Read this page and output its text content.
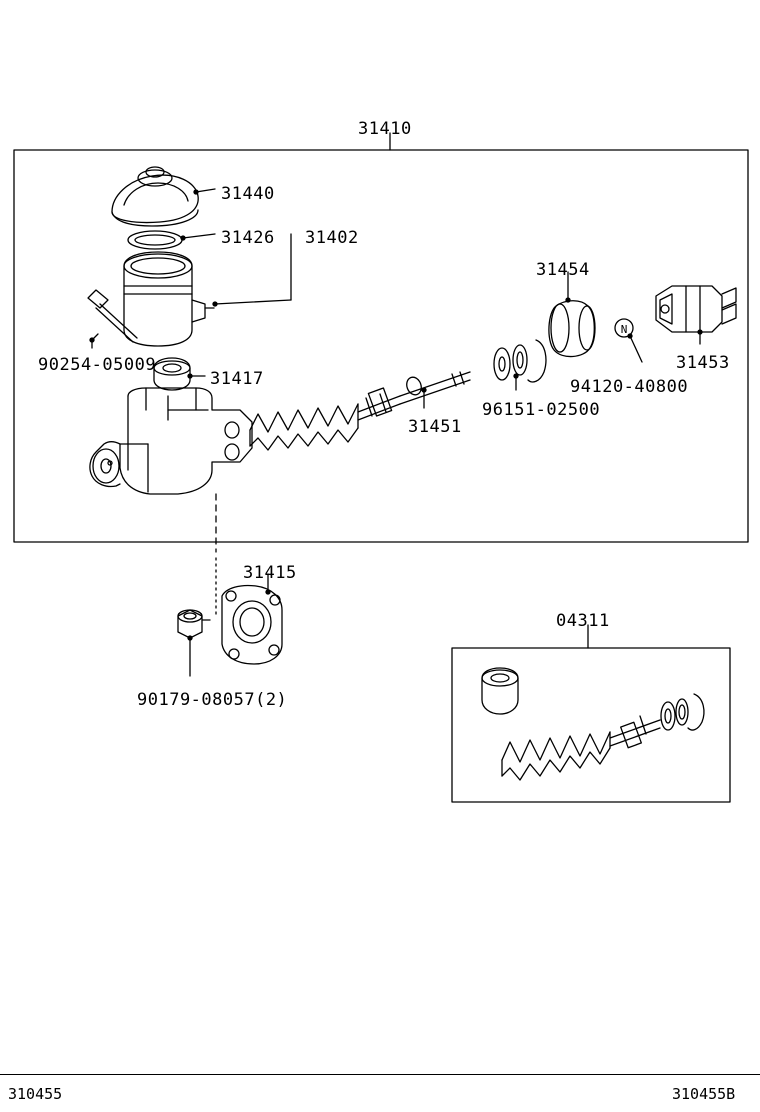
N
31410
31440
31426 31402
90254-05009
31417
31454
31453
94120-40800
96151-02500
31451
31415
90179-08057(2)
04311
310455	310455B
